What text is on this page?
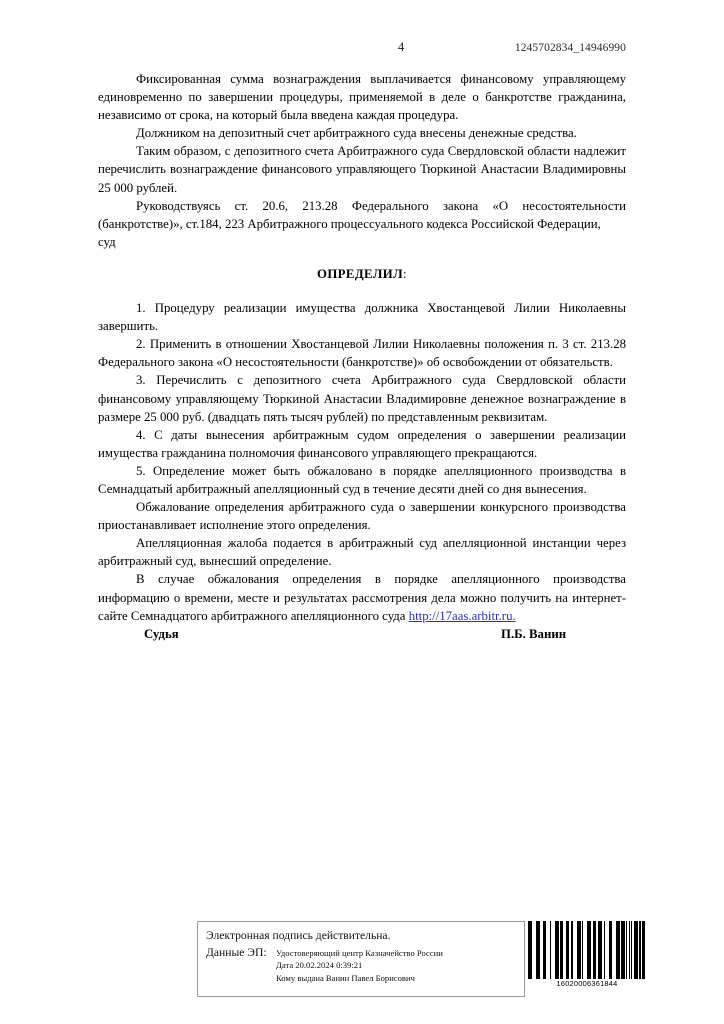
4	1245702834_14946990

Фиксированная сумма вознаграждения выплачивается финансовому управляющему единовременно по завершении процедуры, применяемой в деле о банкротстве гражданина, независимо от срока, на который была введена каждая процедура.

Должником на депозитный счет арбитражного суда внесены денежные средства.

Таким образом, с депозитного счета Арбитражного суда Свердловской области надлежит перечислить вознаграждение финансового управляющего Тюркиной Анастасии Владимировны 25 000 рублей.

Руководствуясь ст. 20.6, 213.28 Федерального закона «О несостоятельности (банкротстве)», ст.184, 223 Арбитражного процессуального кодекса Российской Федерации,

суд

ОПРЕДЕЛИЛ:

1. Процедуру реализации имущества должника Хвостанцевой Лилии Николаевны завершить.

2. Применить в отношении Хвостанцевой Лилии Николаевны положения п. 3 ст. 213.28 Федерального закона «О несостоятельности (банкротстве)» об освобождении от обязательств.

3. Перечислить с депозитного счета Арбитражного суда Свердловской области финансовому управляющему Тюркиной Анастасии Владимировне денежное вознаграждение в размере 25 000 руб. (двадцать пять тысяч рублей) по представленным реквизитам.

4. С даты вынесения арбитражным судом определения о завершении реализации имущества гражданина полномочия финансового управляющего прекращаются.

5. Определение может быть обжаловано в порядке апелляционного производства в Семнадцатый арбитражный апелляционный суд в течение десяти дней со дня вынесения.

Обжалование определения арбитражного суда о завершении конкурсного производства приостанавливает исполнение этого определения.

Апелляционная жалоба подается в арбитражный суд апелляционной инстанции через арбитражный суд, вынесший определение.

В случае обжалования определения в порядке апелляционного производства информацию о времени, месте и результатах рассмотрения дела можно получить на интернет-сайте Семнадцатого арбитражного апелляционного суда http://17aas.arbitr.ru.

Судья	П.Б. Ванин
Электронная подпись действительна.
Данные ЭП: Удостоверяющий центр Казначейство России
Дата 20.02.2024 0:39:21
Кому выдана Ванин Павел Борисович
16020006361844
